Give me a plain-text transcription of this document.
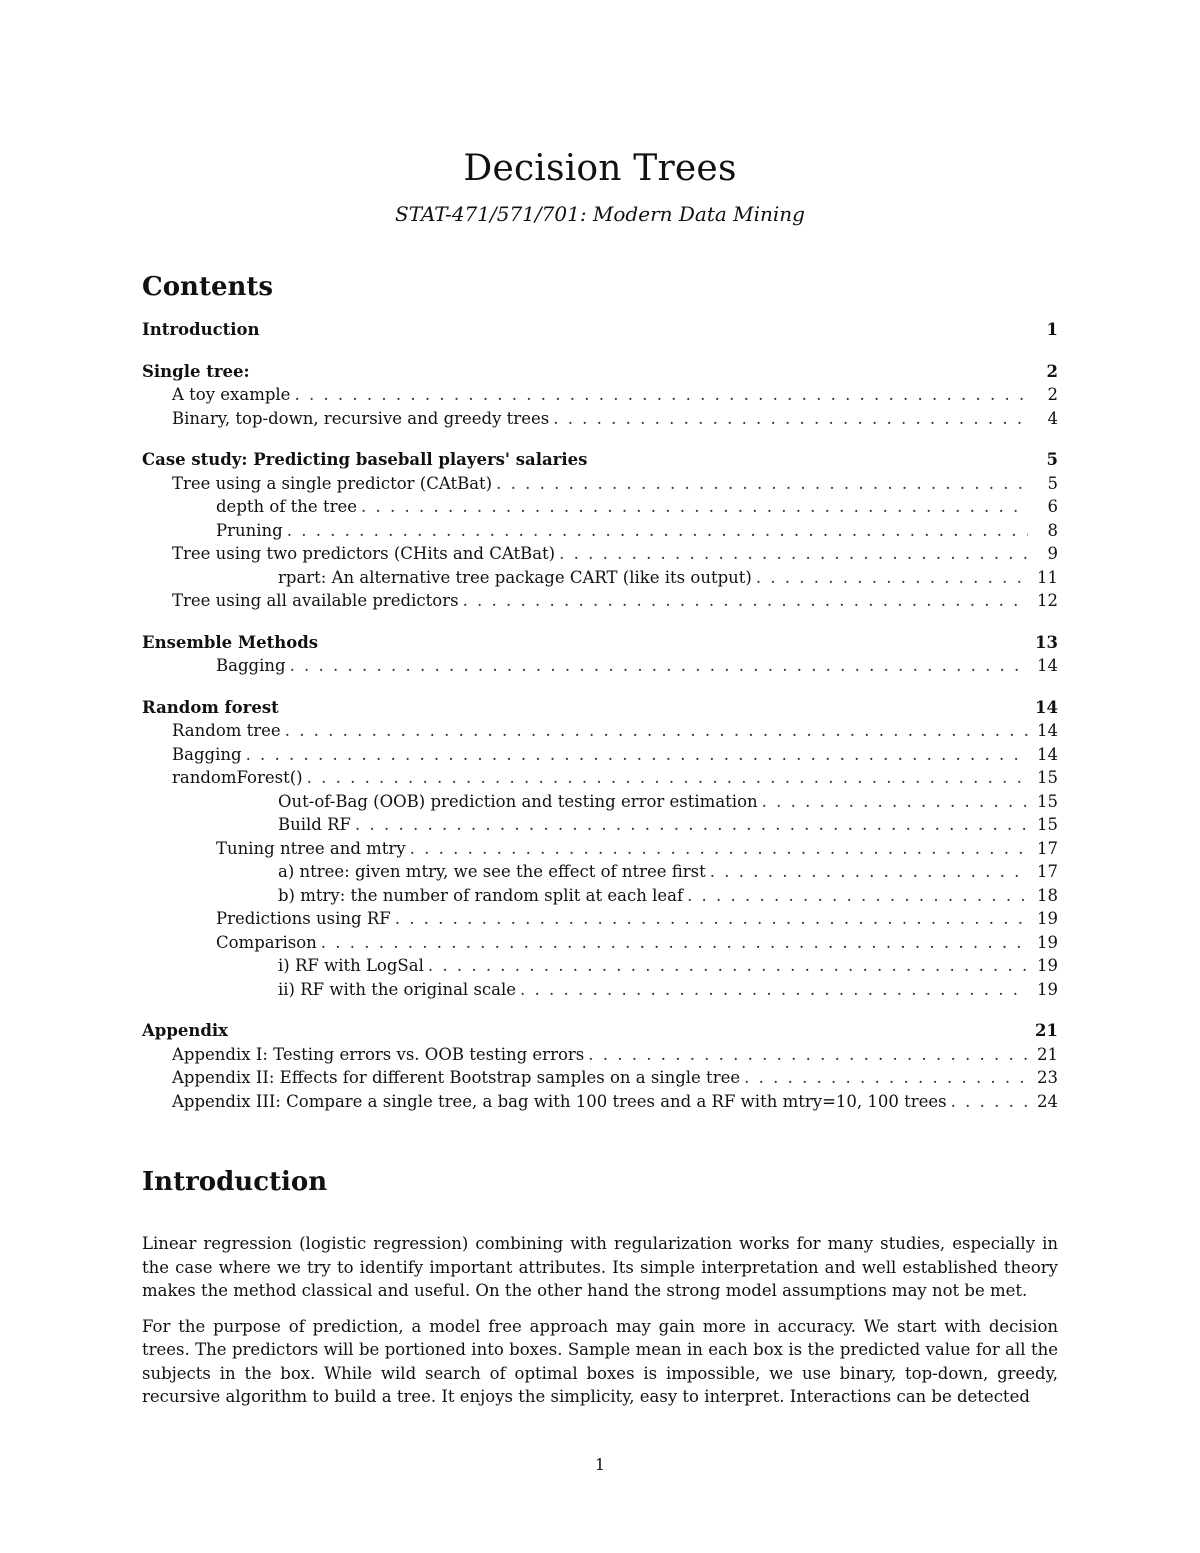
Decision Trees
STAT-471/571/701: Modern Data Mining
Contents
Introduction	1
Single tree:	2
A toy example . . .	2
Binary, top-down, recursive and greedy trees . . .	4
Case study: Predicting baseball players' salaries	5
Tree using a single predictor (CAtBat) . . .	5
depth of the tree . . .	6
Pruning . . .	8
Tree using two predictors (CHits and CAtBat) . . .	9
rpart: An alternative tree package CART (like its output) . . .	11
Tree using all available predictors . . .	12
Ensemble Methods	13
Bagging . . .	14
Random forest	14
Random tree . . .	14
Bagging . . .	14
randomForest() . . .	15
Out-of-Bag (OOB) prediction and testing error estimation . . .	15
Build RF . . .	15
Tuning ntree and mtry . . .	17
a) ntree: given mtry, we see the effect of ntree first . . .	17
b) mtry: the number of random split at each leaf . . .	18
Predictions using RF . . .	19
Comparison . . .	19
i) RF with LogSal . . .	19
ii) RF with the original scale . . .	19
Appendix	21
Appendix I: Testing errors vs. OOB testing errors . . .	21
Appendix II: Effects for different Bootstrap samples on a single tree . . .	23
Appendix III: Compare a single tree, a bag with 100 trees and a RF with mtry=10, 100 trees . . .	24
Introduction

Linear regression (logistic regression) combining with regularization works for many studies, especially in the case where we try to identify important attributes. Its simple interpretation and well established theory makes the method classical and useful. On the other hand the strong model assumptions may not be met.

For the purpose of prediction, a model free approach may gain more in accuracy. We start with decision trees. The predictors will be portioned into boxes. Sample mean in each box is the predicted value for all the subjects in the box. While wild search of optimal boxes is impossible, we use binary, top-down, greedy, recursive algorithm to build a tree. It enjoys the simplicity, easy to interpret. Interactions can be detected

1
